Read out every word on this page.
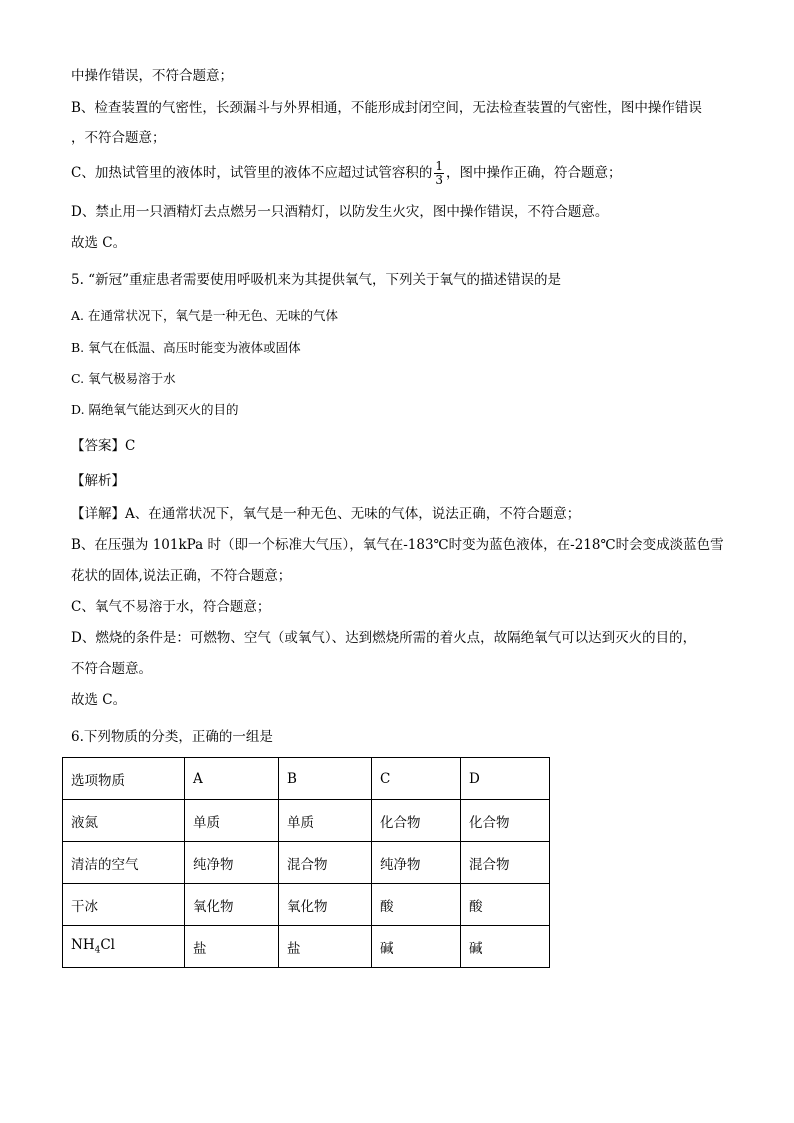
中操作错误，不符合题意；
B、检查装置的气密性，长颈漏斗与外界相通，不能形成封闭空间，无法检查装置的气密性，图中操作错误
，不符合题意；
C、加热试管里的液体时，试管里的液体不应超过试管容积的 $\frac{1}{3}$ ，图中操作正确，符合题意；
D、禁止用一只酒精灯去点燃另一只酒精灯，以防发生火灾，图中操作错误，不符合题意。
故选 C。
5. “新冠”重症患者需要使用呼吸机来为其提供氧气，下列关于氧气的描述错误的是
A. 在通常状况下，氧气是一种无色、无味的气体
B. 氧气在低温、高压时能变为液体或固体
C. 氧气极易溶于水
D. 隔绝氧气能达到灭火的目的
【答案】C
【解析】
【详解】A、在通常状况下，氧气是一种无色、无味的气体，说法正确，不符合题意；
B、在压强为 101kPa 时（即一个标准大气压），氧气在-183℃时变为蓝色液体，在-218℃时会变成淡蓝色雪
花状的固体,说法正确，不符合题意；
C、氧气不易溶于水，符合题意；
D、燃烧的条件是：可燃物、空气（或氧气）、达到燃烧所需的着火点，故隔绝氧气可以达到灭火的目的，
不符合题意。
故选 C。
6.下列物质的分类，正确的一组是
选项物质	A	B	C	D
液氮	单质	单质	化合物	化合物
清洁的空气	纯净物	混合物	纯净物	混合物
干冰	氧化物	氧化物	酸	酸
$NH_4Cl$	盐	盐	碱	碱
